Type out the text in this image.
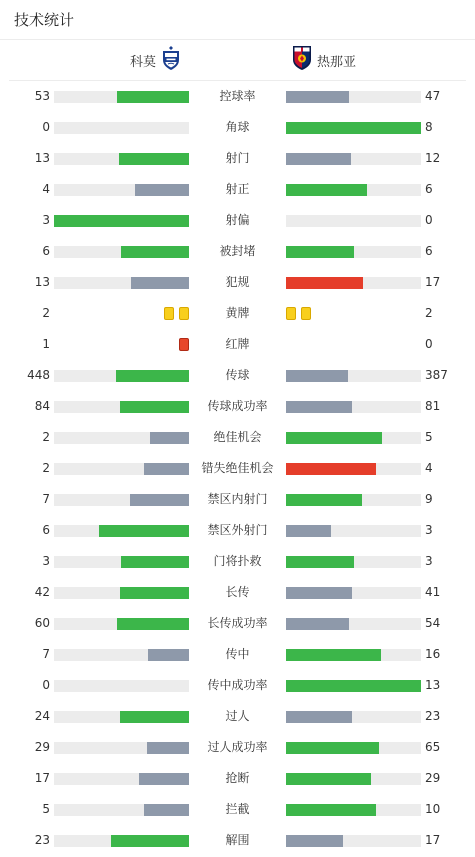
技术统计
科莫	热那亚
53	控球率	47
0	角球	8
13	射门	12
4	射正	6
3	射偏	0
6	被封堵	6
13	犯规	17
2	黄牌	2
1	红牌	0
448	传球	387
84	传球成功率	81
2	绝佳机会	5
2	错失绝佳机会	4
7	禁区内射门	9
6	禁区外射门	3
3	门将扑救	3
42	长传	41
60	长传成功率	54
7	传中	16
0	传中成功率	13
24	过人	23
29	过人成功率	65
17	抢断	29
5	拦截	10
23	解围	17
